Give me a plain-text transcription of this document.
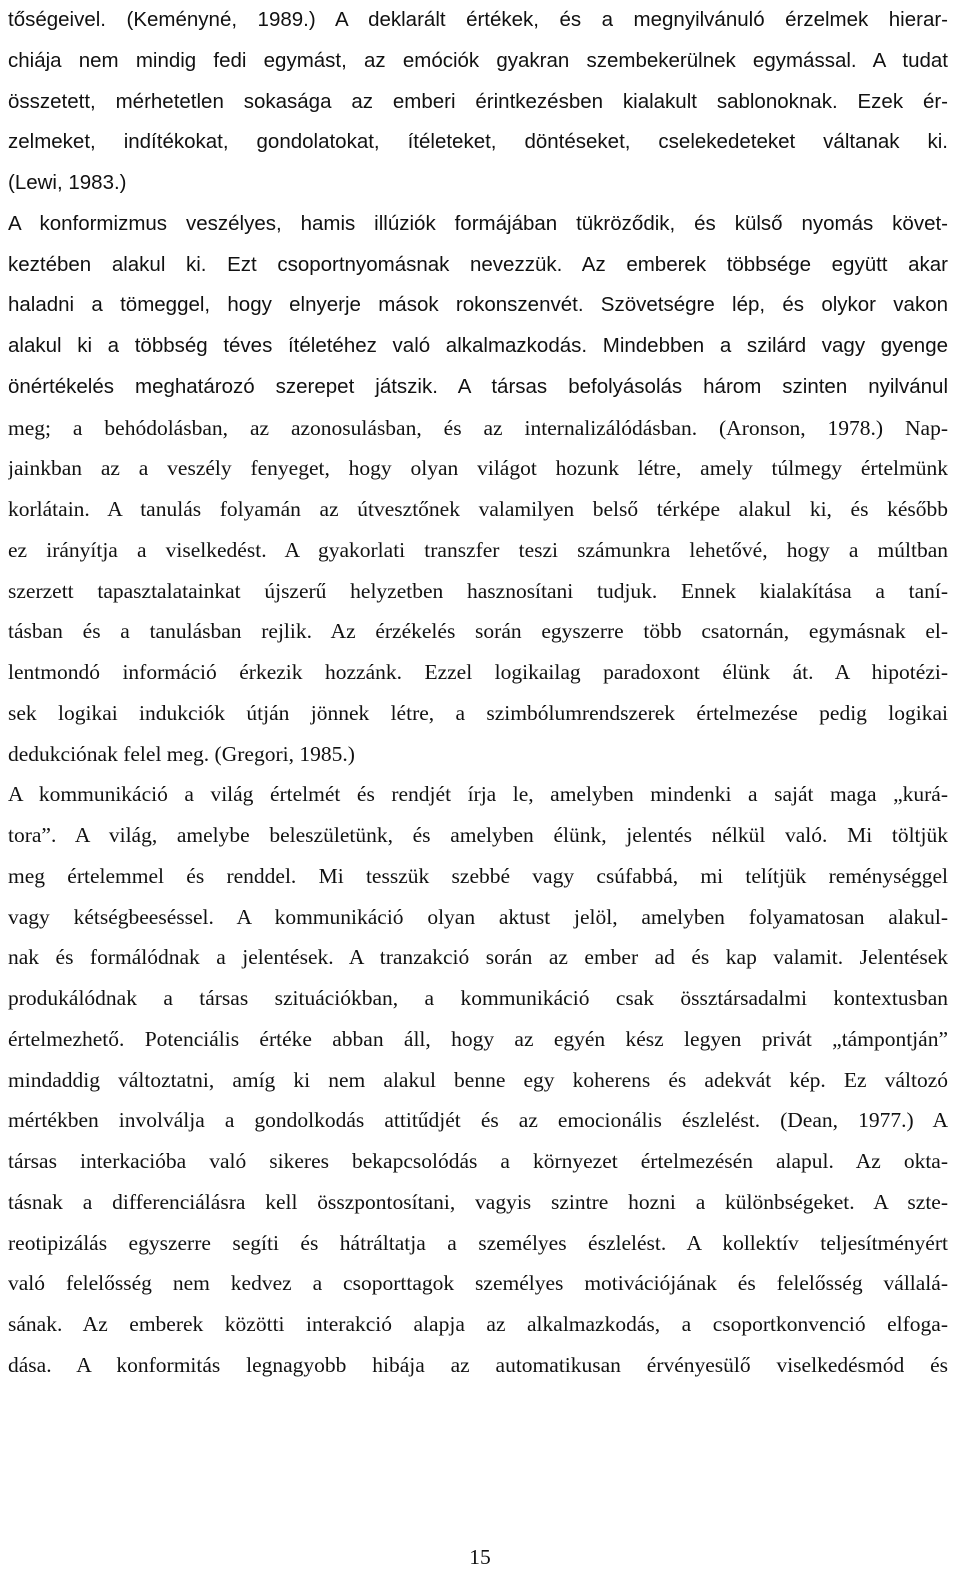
tőségeivel. (Keményné, 1989.) A deklarált értékek, és a megnyilvánuló érzelmek hierar-
chiája nem mindig fedi egymást, az emóciók gyakran szembekerülnek egymással. A tudat
összetett, mérhetetlen sokasága az emberi érintkezésben kialakult sablonoknak. Ezek ér-
zelmeket, indítékokat, gondolatokat, ítéleteket, döntéseket, cselekedeteket váltanak ki.
(Lewi, 1983.)
A konformizmus veszélyes, hamis illúziók formájában tükröződik, és külső nyomás követ-
keztében alakul ki. Ezt csoportnyomásnak nevezzük. Az emberek többsége együtt akar
haladni a tömeggel, hogy elnyerje mások rokonszenvét. Szövetségre lép, és olykor vakon
alakul ki a többség téves ítéletéhez való alkalmazkodás. Mindebben a szilárd vagy gyenge
önértékelés meghatározó szerepet játszik. A társas befolyásolás három szinten nyilvánul
meg; a behódolásban, az azonosulásban, és az internalizálódásban. (Aronson, 1978.) Nap-
jainkban az a veszély fenyeget, hogy olyan világot hozunk létre, amely túlmegy értelmünk
korlátain. A tanulás folyamán az útvesztőnek valamilyen belső térképe alakul ki, és később
ez irányítja a viselkedést. A gyakorlati transzfer teszi számunkra lehetővé, hogy a múltban
szerzett tapasztalatainkat újszerű helyzetben hasznosítani tudjuk. Ennek kialakítása a taní-
tásban és a tanulásban rejlik. Az érzékelés során egyszerre több csatornán, egymásnak el-
lentmondó információ érkezik hozzánk. Ezzel logikailag paradoxont élünk át. A hipotézi-
sek logikai indukciók útján jönnek létre, a szimbólumrendszerek értelmezése pedig logikai
dedukciónak felel meg. (Gregori, 1985.)
A kommunikáció a világ értelmét és rendjét írja le, amelyben mindenki a saját maga „kurá-
tora”. A világ, amelybe beleszületünk, és amelyben élünk, jelentés nélkül való. Mi töltjük
meg értelemmel és renddel. Mi tesszük szebbé vagy csúfabbá, mi telítjük reménységgel
vagy kétségbeeséssel. A kommunikáció olyan aktust jelöl, amelyben folyamatosan alakul-
nak és formálódnak a jelentések. A tranzakció során az ember ad és kap valamit. Jelentések
produkálódnak a társas szituációkban, a kommunikáció csak össztársadalmi kontextusban
értelmezhető. Potenciális értéke abban áll, hogy az egyén kész legyen privát „támpontján”
mindaddig változtatni, amíg ki nem alakul benne egy koherens és adekvát kép. Ez változó
mértékben involválja a gondolkodás attitűdjét és az emocionális észlelést. (Dean, 1977.) A
társas interkacióba való sikeres bekapcsolódás a környezet értelmezésén alapul. Az okta-
tásnak a differenciálásra kell összpontosítani, vagyis szintre hozni a különbségeket. A szte-
reotipizálás egyszerre segíti és hátráltatja a személyes észlelést. A kollektív teljesítményért
való felelősség nem kedvez a csoporttagok személyes motivációjának és felelősség vállalá-
sának. Az emberek közötti interakció alapja az alkalmazkodás, a csoportkonvenció elfoga-
dása. A konformitás legnagyobb hibája az automatikusan érvényesülő viselkedésmód és
15
